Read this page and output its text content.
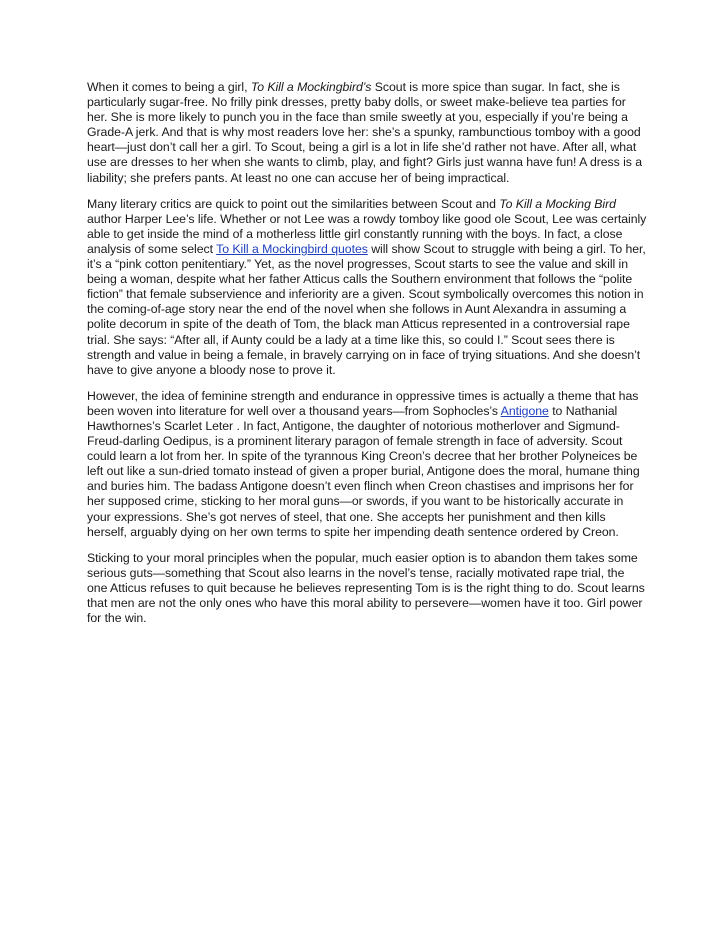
When it comes to being a girl, To Kill a Mockingbird’s Scout is more spice than sugar. In fact, she is particularly sugar-free. No frilly pink dresses, pretty baby dolls, or sweet make-believe tea parties for her. She is more likely to punch you in the face than smile sweetly at you, especially if you’re being a Grade-A jerk. And that is why most readers love her: she’s a spunky, rambunctious tomboy with a good heart—just don’t call her a girl. To Scout, being a girl is a lot in life she’d rather not have. After all, what use are dresses to her when she wants to climb, play, and fight? Girls just wanna have fun! A dress is a liability; she prefers pants. At least no one can accuse her of being impractical.

Many literary critics are quick to point out the similarities between Scout and To Kill a Mocking Bird author Harper Lee’s life. Whether or not Lee was a rowdy tomboy like good ole Scout, Lee was certainly able to get inside the mind of a motherless little girl constantly running with the boys. In fact, a close analysis of some select To Kill a Mockingbird quotes will show Scout to struggle with being a girl. To her, it’s a “pink cotton penitentiary.” Yet, as the novel progresses, Scout starts to see the value and skill in being a woman, despite what her father Atticus calls the Southern environment that follows the “polite fiction” that female subservience and inferiority are a given. Scout symbolically overcomes this notion in the coming-of-age story near the end of the novel when she follows in Aunt Alexandra in assuming a polite decorum in spite of the death of Tom, the black man Atticus represented in a controversial rape trial. She says: “After all, if Aunty could be a lady at a time like this, so could I.” Scout sees there is strength and value in being a female, in bravely carrying on in face of trying situations. And she doesn’t have to give anyone a bloody nose to prove it.

However, the idea of feminine strength and endurance in oppressive times is actually a theme that has been woven into literature for well over a thousand years—from Sophocles’s Antigone to Nathanial Hawthornes’s Scarlet Leter . In fact, Antigone, the daughter of notorious motherlover and Sigmund-Freud-darling Oedipus, is a prominent literary paragon of female strength in face of adversity. Scout could learn a lot from her. In spite of the tyrannous King Creon’s decree that her brother Polyneices be left out like a sun-dried tomato instead of given a proper burial, Antigone does the moral, humane thing and buries him. The badass Antigone doesn’t even flinch when Creon chastises and imprisons her for her supposed crime, sticking to her moral guns—or swords, if you want to be historically accurate in your expressions. She’s got nerves of steel, that one. She accepts her punishment and then kills herself, arguably dying on her own terms to spite her impending death sentence ordered by Creon.

Sticking to your moral principles when the popular, much easier option is to abandon them takes some serious guts—something that Scout also learns in the novel’s tense, racially motivated rape trial, the one Atticus refuses to quit because he believes representing Tom is is the right thing to do. Scout learns that men are not the only ones who have this moral ability to persevere—women have it too. Girl power for the win.
